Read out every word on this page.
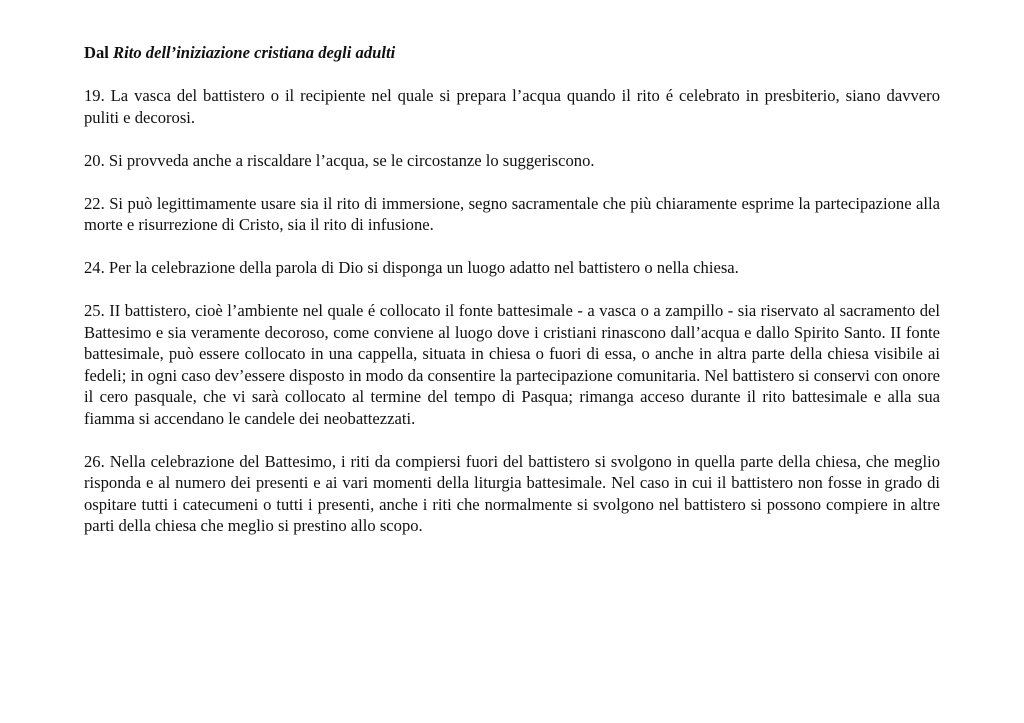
Dal Rito dell’iniziazione cristiana degli adulti

19. La vasca del battistero o il recipiente nel quale si prepara l’acqua quando il rito é celebrato in presbiterio, siano davvero puliti e decorosi.

20. Si provveda anche a riscaldare l’acqua, se le circostanze lo suggeriscono.

22. Si può legittimamente usare sia il rito di immersione, segno sacramentale che più chiaramente esprime la partecipazione alla morte e risurrezione di Cristo, sia il rito di infusione.

24. Per la celebrazione della parola di Dio si disponga un luogo adatto nel battistero o nella chiesa.

25. II battistero, cioè l’ambiente nel quale é collocato il fonte battesimale - a vasca o a zampillo - sia riservato al sacramento del Battesimo e sia veramente decoroso, come conviene al luogo dove i cristiani rinascono dall’acqua e dallo Spirito Santo. II fonte battesimale, può essere collocato in una cappella, situata in chiesa o fuori di essa, o anche in altra parte della chiesa visibile ai fedeli; in ogni caso dev’essere disposto in modo da consentire la partecipazione comunitaria. Nel battistero si conservi con onore il cero pasquale, che vi sarà collocato al termine del tempo di Pasqua; rimanga acceso durante il rito battesimale e alla sua fiamma si accendano le candele dei neobattezzati.

26. Nella celebrazione del Battesimo, i riti da compiersi fuori del battistero si svolgono in quella parte della chiesa, che meglio risponda e al numero dei presenti e ai vari momenti della liturgia battesimale. Nel caso in cui il battistero non fosse in grado di ospitare tutti i catecumeni o tutti i presenti, anche i riti che normalmente si svolgono nel battistero si possono compiere in altre parti della chiesa che meglio si prestino allo scopo.
